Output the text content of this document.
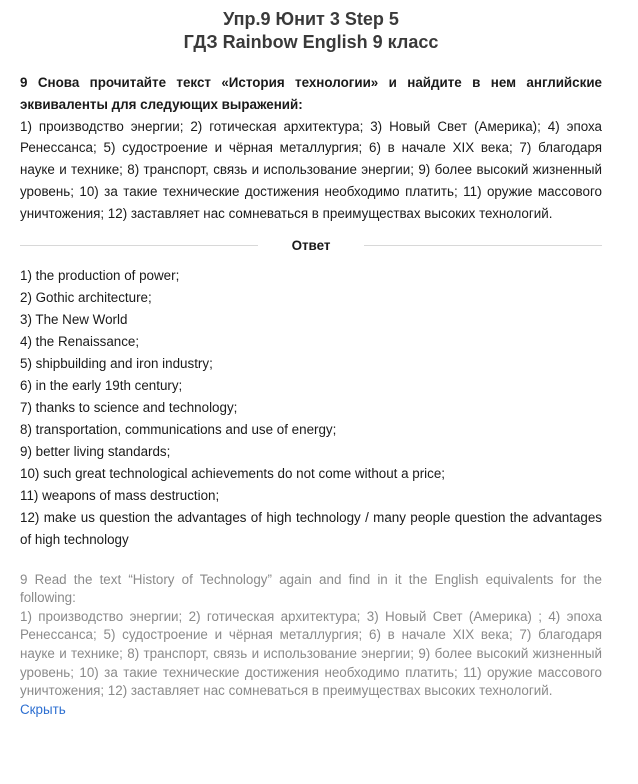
Упр.9 Юнит 3 Step 5
ГДЗ Rainbow English 9 класс
9 Снова прочитайте текст «История технологии» и найдите в нем английские эквиваленты для следующих выражений:
1) производство энергии; 2) готическая архитектура; 3) Новый Свет (Америка); 4) эпоха Ренессанса; 5) судостроение и чёрная металлургия; 6) в начале XIX века; 7) благодаря науке и технике; 8) транспорт, связь и использование энергии; 9) более высокий жизненный уровень; 10) за такие технические достижения необходимо платить; 11) оружие массового уничтожения; 12) заставляет нас сомневаться в преимуществах высоких технологий.
Ответ
1) the production of power;
2) Gothic architecture;
3) The New World
4) the Renaissance;
5) shipbuilding and iron industry;
6) in the early 19th century;
7) thanks to science and technology;
8) transportation, communications and use of energy;
9) better living standards;
10) such great technological achievements do not come without a price;
11) weapons of mass destruction;
12) make us question the advantages of high technology / many people question the advantages of high technology
9 Read the text “History of Technology” again and find in it the English equivalents for the following:
1) производство энергии; 2) готическая архитектура; 3) Новый Свет (Америка) ; 4) эпоха Ренессанса; 5) судостроение и чёрная металлургия; 6) в начале XIX века; 7) благодаря науке и технике; 8) транспорт, связь и использование энергии; 9) более высокий жизненный уровень; 10) за такие технические достижения необходимо платить; 11) оружие массового уничтожения; 12) заставляет нас сомневаться в преимуществах высоких технологий.
Скрыть
